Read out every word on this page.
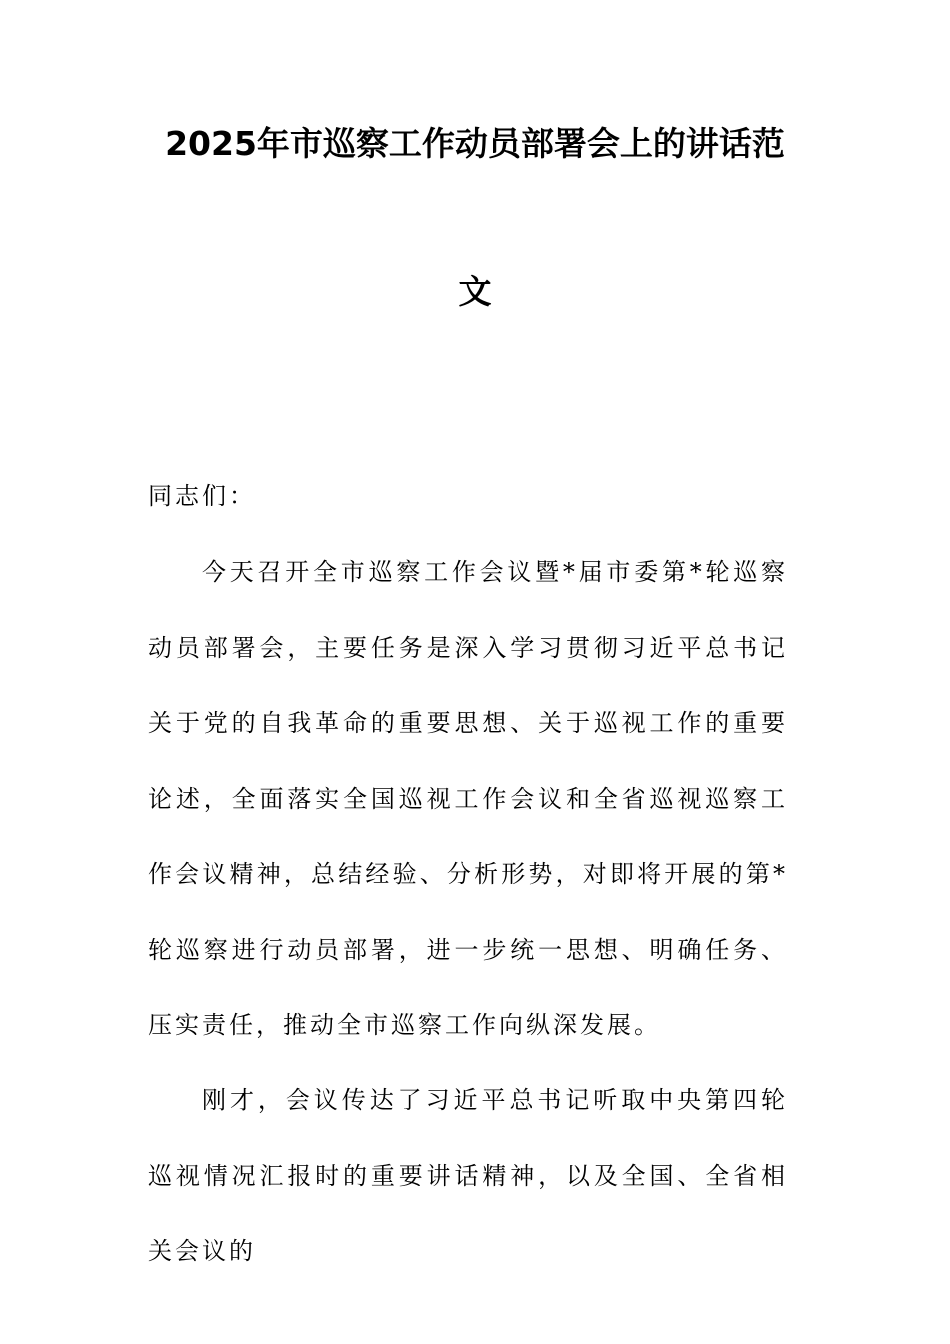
2025年市巡察工作动员部署会上的讲话范
文

同志们：

今天召开全市巡察工作会议暨*届市委第*轮巡察动员部署会，主要任务是深入学习贯彻习近平总书记关于党的自我革命的重要思想、关于巡视工作的重要论述，全面落实全国巡视工作会议和全省巡视巡察工作会议精神，总结经验、分析形势，对即将开展的第*轮巡察进行动员部署，进一步统一思想、明确任务、压实责任，推动全市巡察工作向纵深发展。

刚才，会议传达了习近平总书记听取中央第四轮巡视情况汇报时的重要讲话精神，以及全国、全省相关会议的
